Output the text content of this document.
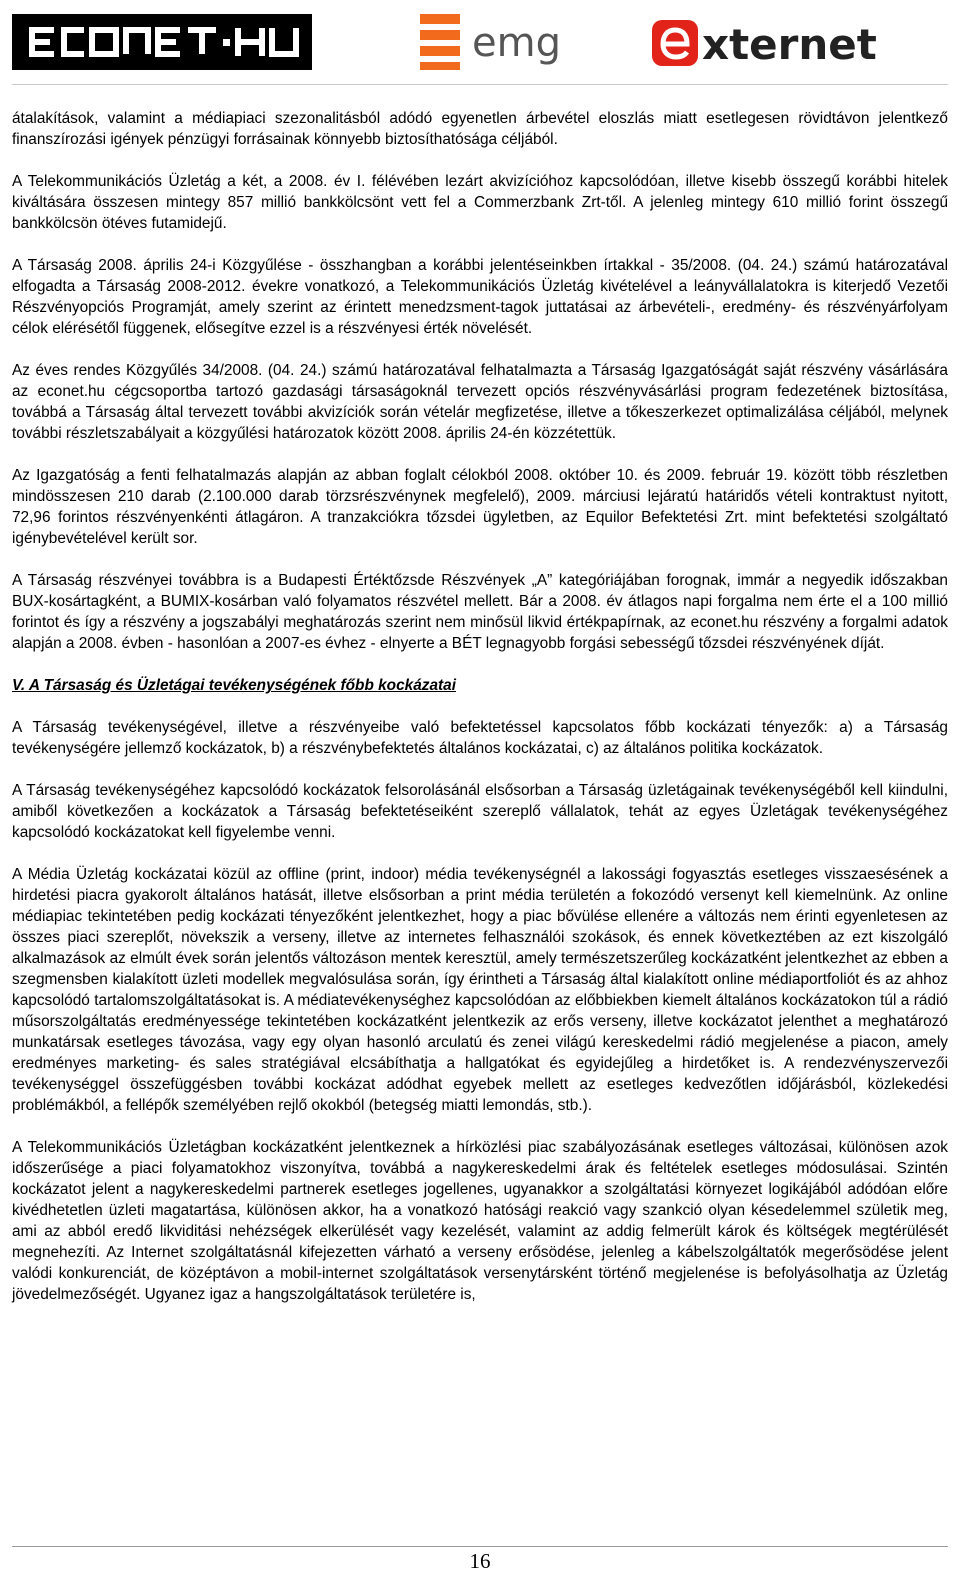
emg	xternet

átalakítások, valamint a médiapiaci szezonalitásból adódó egyenetlen árbevétel eloszlás miatt esetlegesen rövidtávon jelentkező finanszírozási igények pénzügyi forrásainak könnyebb biztosíthatósága céljából.

A Telekommunikációs Üzletág a két, a 2008. év I. félévében lezárt akvizícióhoz kapcsolódóan, illetve kisebb összegű korábbi hitelek kiváltására összesen mintegy 857 millió bankkölcsönt vett fel a Commerzbank Zrt-től. A jelenleg mintegy 610 millió forint összegű bankkölcsön ötéves futamidejű.

A Társaság 2008. április 24-i Közgyűlése - összhangban a korábbi jelentéseinkben írtakkal - 35/2008. (04. 24.) számú határozatával elfogadta a Társaság 2008-2012. évekre vonatkozó, a Telekommunikációs Üzletág kivételével a leányvállalatokra is kiterjedő Vezetői Részvényopciós Programját, amely szerint az érintett menedzsment-tagok juttatásai az árbevételi-, eredmény- és részvényárfolyam célok elérésétől függenek, elősegítve ezzel is a részvényesi érték növelését.

Az éves rendes Közgyűlés 34/2008. (04. 24.) számú határozatával felhatalmazta a Társaság Igazgatóságát saját részvény vásárlására az econet.hu cégcsoportba tartozó gazdasági társaságoknál tervezett opciós részvényvásárlási program fedezetének biztosítása, továbbá a Társaság által tervezett további akvizíciók során vételár megfizetése, illetve a tőkeszerkezet optimalizálása céljából, melynek további részletszabályait a közgyűlési határozatok között 2008. április 24-én közzétettük.

Az Igazgatóság a fenti felhatalmazás alapján az abban foglalt célokból 2008. október 10. és 2009. február 19. között több részletben mindösszesen 210 darab (2.100.000 darab törzsrészvénynek megfelelő), 2009. márciusi lejáratú határidős vételi kontraktust nyitott, 72,96 forintos részvényenkénti átlagáron. A tranzakciókra tőzsdei ügyletben, az Equilor Befektetési Zrt. mint befektetési szolgáltató igénybevételével került sor.

A Társaság részvényei továbbra is a Budapesti Értéktőzsde Részvények „A” kategóriájában forognak, immár a negyedik időszakban BUX-kosártagként, a BUMIX-kosárban való folyamatos részvétel mellett. Bár a 2008. év átlagos napi forgalma nem érte el a 100 millió forintot és így a részvény a jogszabályi meghatározás szerint nem minősül likvid értékpapírnak, az econet.hu részvény a forgalmi adatok alapján a 2008. évben - hasonlóan a 2007-es évhez - elnyerte a BÉT legnagyobb forgási sebességű tőzsdei részvényének díját.

V. A Társaság és Üzletágai tevékenységének főbb kockázatai

A Társaság tevékenységével, illetve a részvényeibe való befektetéssel kapcsolatos főbb kockázati tényezők: a) a Társaság tevékenységére jellemző kockázatok, b) a részvénybefektetés általános kockázatai, c) az általános politika kockázatok.

A Társaság tevékenységéhez kapcsolódó kockázatok felsorolásánál elsősorban a Társaság üzletágainak tevékenységéből kell kiindulni, amiből következően a kockázatok a Társaság befektetéseiként szereplő vállalatok, tehát az egyes Üzletágak tevékenységéhez kapcsolódó kockázatokat kell figyelembe venni.

A Média Üzletág kockázatai közül az offline (print, indoor) média tevékenységnél a lakossági fogyasztás esetleges visszaesésének a hirdetési piacra gyakorolt általános hatását, illetve elsősorban a print média területén a fokozódó versenyt kell kiemelnünk. Az online médiapiac tekintetében pedig kockázati tényezőként jelentkezhet, hogy a piac bővülése ellenére a változás nem érinti egyenletesen az összes piaci szereplőt, növekszik a verseny, illetve az internetes felhasználói szokások, és ennek következtében az ezt kiszolgáló alkalmazások az elmúlt évek során jelentős változáson mentek keresztül, amely természetszerűleg kockázatként jelentkezhet az ebben a szegmensben kialakított üzleti modellek megvalósulása során, így érintheti a Társaság által kialakított online médiaportfoliót és az ahhoz kapcsolódó tartalomszolgáltatásokat is. A médiatevékenységhez kapcsolódóan az előbbiekben kiemelt általános kockázatokon túl a rádió műsorszolgáltatás eredményessége tekintetében kockázatként jelentkezik az erős verseny, illetve kockázatot jelenthet a meghatározó munkatársak esetleges távozása, vagy egy olyan hasonló arculatú és zenei világú kereskedelmi rádió megjelenése a piacon, amely eredményes marketing- és sales stratégiával elcsábíthatja a hallgatókat és egyidejűleg a hirdetőket is. A rendezvényszervezői tevékenységgel összefüggésben további kockázat adódhat egyebek mellett az esetleges kedvezőtlen időjárásból, közlekedési problémákból, a fellépők személyében rejlő okokból (betegség miatti lemondás, stb.).

A Telekommunikációs Üzletágban kockázatként jelentkeznek a hírközlési piac szabályozásának esetleges változásai, különösen azok időszerűsége a piaci folyamatokhoz viszonyítva, továbbá a nagykereskedelmi árak és feltételek esetleges módosulásai. Szintén kockázatot jelent a nagykereskedelmi partnerek esetleges jogellenes, ugyanakkor a szolgáltatási környezet logikájából adódóan előre kivédhetetlen üzleti magatartása, különösen akkor, ha a vonatkozó hatósági reakció vagy szankció olyan késedelemmel születik meg, ami az abból eredő likviditási nehézségek elkerülését vagy kezelését, valamint az addig felmerült károk és költségek megtérülését megnehezíti. Az Internet szolgáltatásnál kifejezetten várható a verseny erősödése, jelenleg a kábelszolgáltatók megerősödése jelent valódi konkurenciát, de középtávon a mobil-internet szolgáltatások versenytársként történő megjelenése is befolyásolhatja az Üzletág jövedelmezőségét. Ugyanez igaz a hangszolgáltatások területére is,

16
